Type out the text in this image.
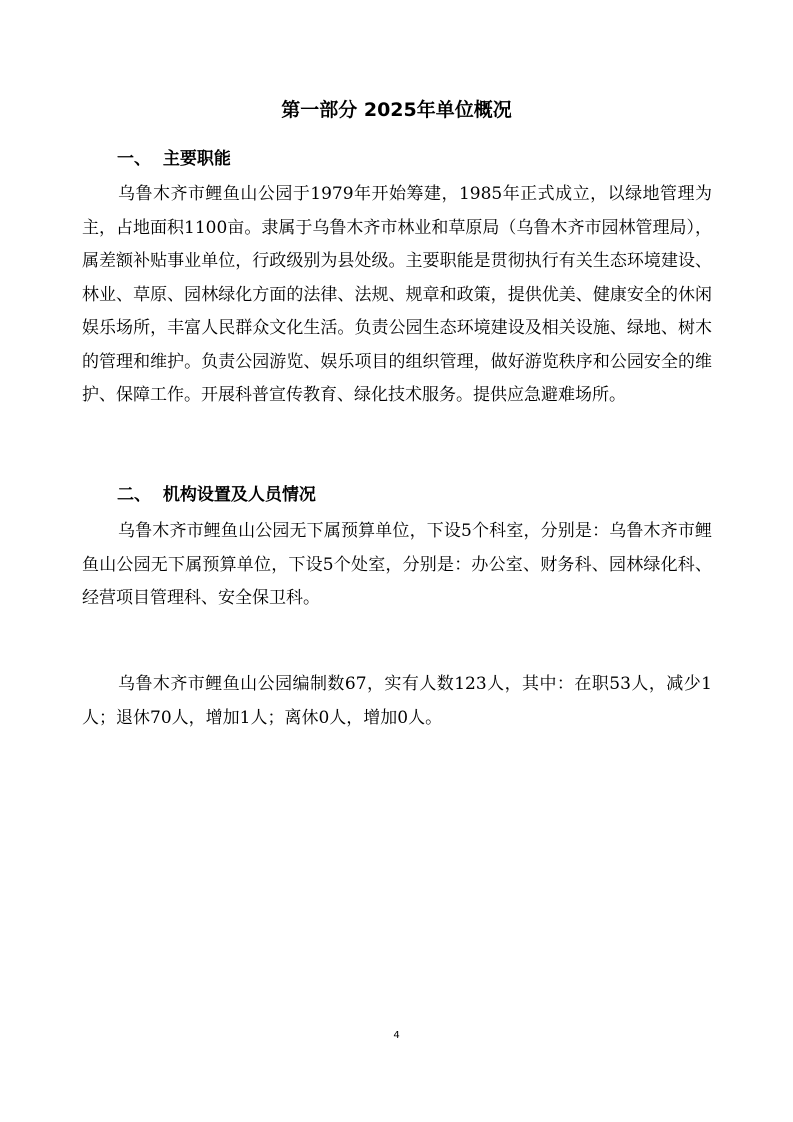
第一部分 2025年单位概况
一、  主要职能

乌鲁木齐市鲤鱼山公园于1979年开始筹建，1985年正式成立，以绿地管理为主，占地面积1100亩。隶属于乌鲁木齐市林业和草原局（乌鲁木齐市园林管理局），属差额补贴事业单位，行政级别为县处级。主要职能是贯彻执行有关生态环境建设、林业、草原、园林绿化方面的法律、法规、规章和政策，提供优美、健康安全的休闲娱乐场所，丰富人民群众文化生活。负责公园生态环境建设及相关设施、绿地、树木的管理和维护。负责公园游览、娱乐项目的组织管理，做好游览秩序和公园安全的维护、保障工作。开展科普宣传教育、绿化技术服务。提供应急避难场所。

二、  机构设置及人员情况

乌鲁木齐市鲤鱼山公园无下属预算单位，下设5个科室，分别是：乌鲁木齐市鲤鱼山公园无下属预算单位，下设5个处室，分别是：办公室、财务科、园林绿化科、经营项目管理科、安全保卫科。

乌鲁木齐市鲤鱼山公园编制数67，实有人数123人，其中：在职53人，减少1人；退休70人，增加1人；离休0人，增加0人。

4
